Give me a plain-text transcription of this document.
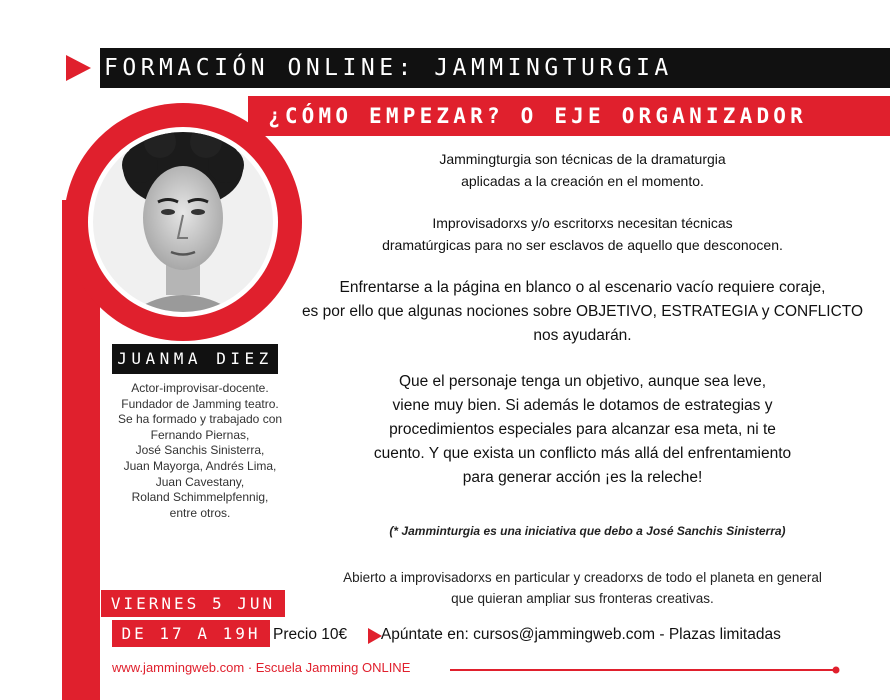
FORMACIÓN ONLINE: JAMMINGTURGIA
¿CÓMO EMPEZAR? O EJE ORGANIZADOR
JUANMA DIEZ
Actor-improvisar-docente.
Fundador de Jamming teatro.
Se ha formado y trabajado con
Fernando Piernas,
José Sanchis Sinisterra,
Juan Mayorga, Andrés Lima,
Juan Cavestany,
Roland Schimmelpfennig,
entre otros.
Jammingturgia son técnicas de la dramaturgia
aplicadas a la creación en el momento.
Improvisadorxs y/o escritorxs necesitan técnicas
dramatúrgicas para no ser esclavos de aquello que desconocen.
Enfrentarse a la página en blanco o al escenario vacío requiere coraje,
es por ello que algunas nociones sobre OBJETIVO, ESTRATEGIA y CONFLICTO
nos ayudarán.
Que el personaje tenga un objetivo, aunque sea leve,
viene muy bien. Si además le dotamos de estrategias y
procedimientos especiales para alcanzar esa meta, ni te
cuento. Y que exista un conflicto más allá del enfrentamiento
para generar acción ¡es la releche!
(* Jamminturgia es una iniciativa que debo a José Sanchis Sinisterra)
Abierto a improvisadorxs en particular y creadorxs de todo el planeta en general
que quieran ampliar sus fronteras creativas.
VIERNES 5 JUN
DE 17 A 19H Precio 10€ Apúntate en: cursos@jammingweb.com - Plazas limitadas
www.jammingweb.com · Escuela Jamming ONLINE
